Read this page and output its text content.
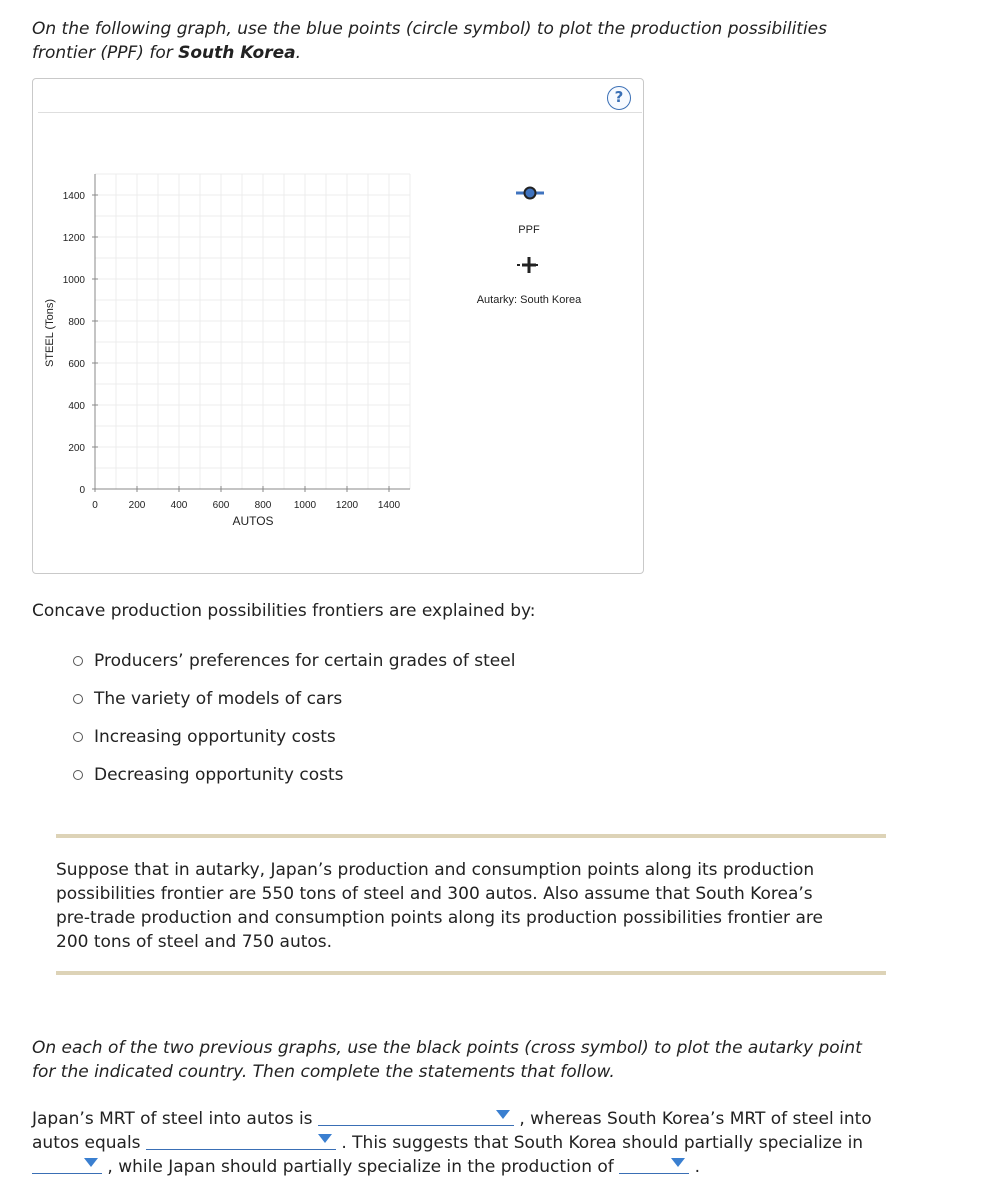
On the following graph, use the blue points (circle symbol) to plot the production possibilities
frontier (PPF) for South Korea.
?
0	200	400	600	800 1000 1200 1400
0
200
400
600
800
1000
1200
1400
STEEL (Tons)
AUTOS
PPF
Autarky: South Korea
Concave production possibilities frontiers are explained by:
Producers’ preferences for certain grades of steel
The variety of models of cars
Increasing opportunity costs
Decreasing opportunity costs
Suppose that in autarky, Japan’s production and consumption points along its production
possibilities frontier are 550 tons of steel and 300 autos. Also assume that South Korea’s
pre-trade production and consumption points along its production possibilities frontier are
200 tons of steel and 750 autos.
On each of the two previous graphs, use the black points (cross symbol) to plot the autarky point
for the indicated country. Then complete the statements that follow.
Japan’s MRT of steel into autos is	, whereas South Korea’s MRT of steel into
autos equals	. This suggests that South Korea should partially specialize in
, while Japan should partially specialize in the production of	.
